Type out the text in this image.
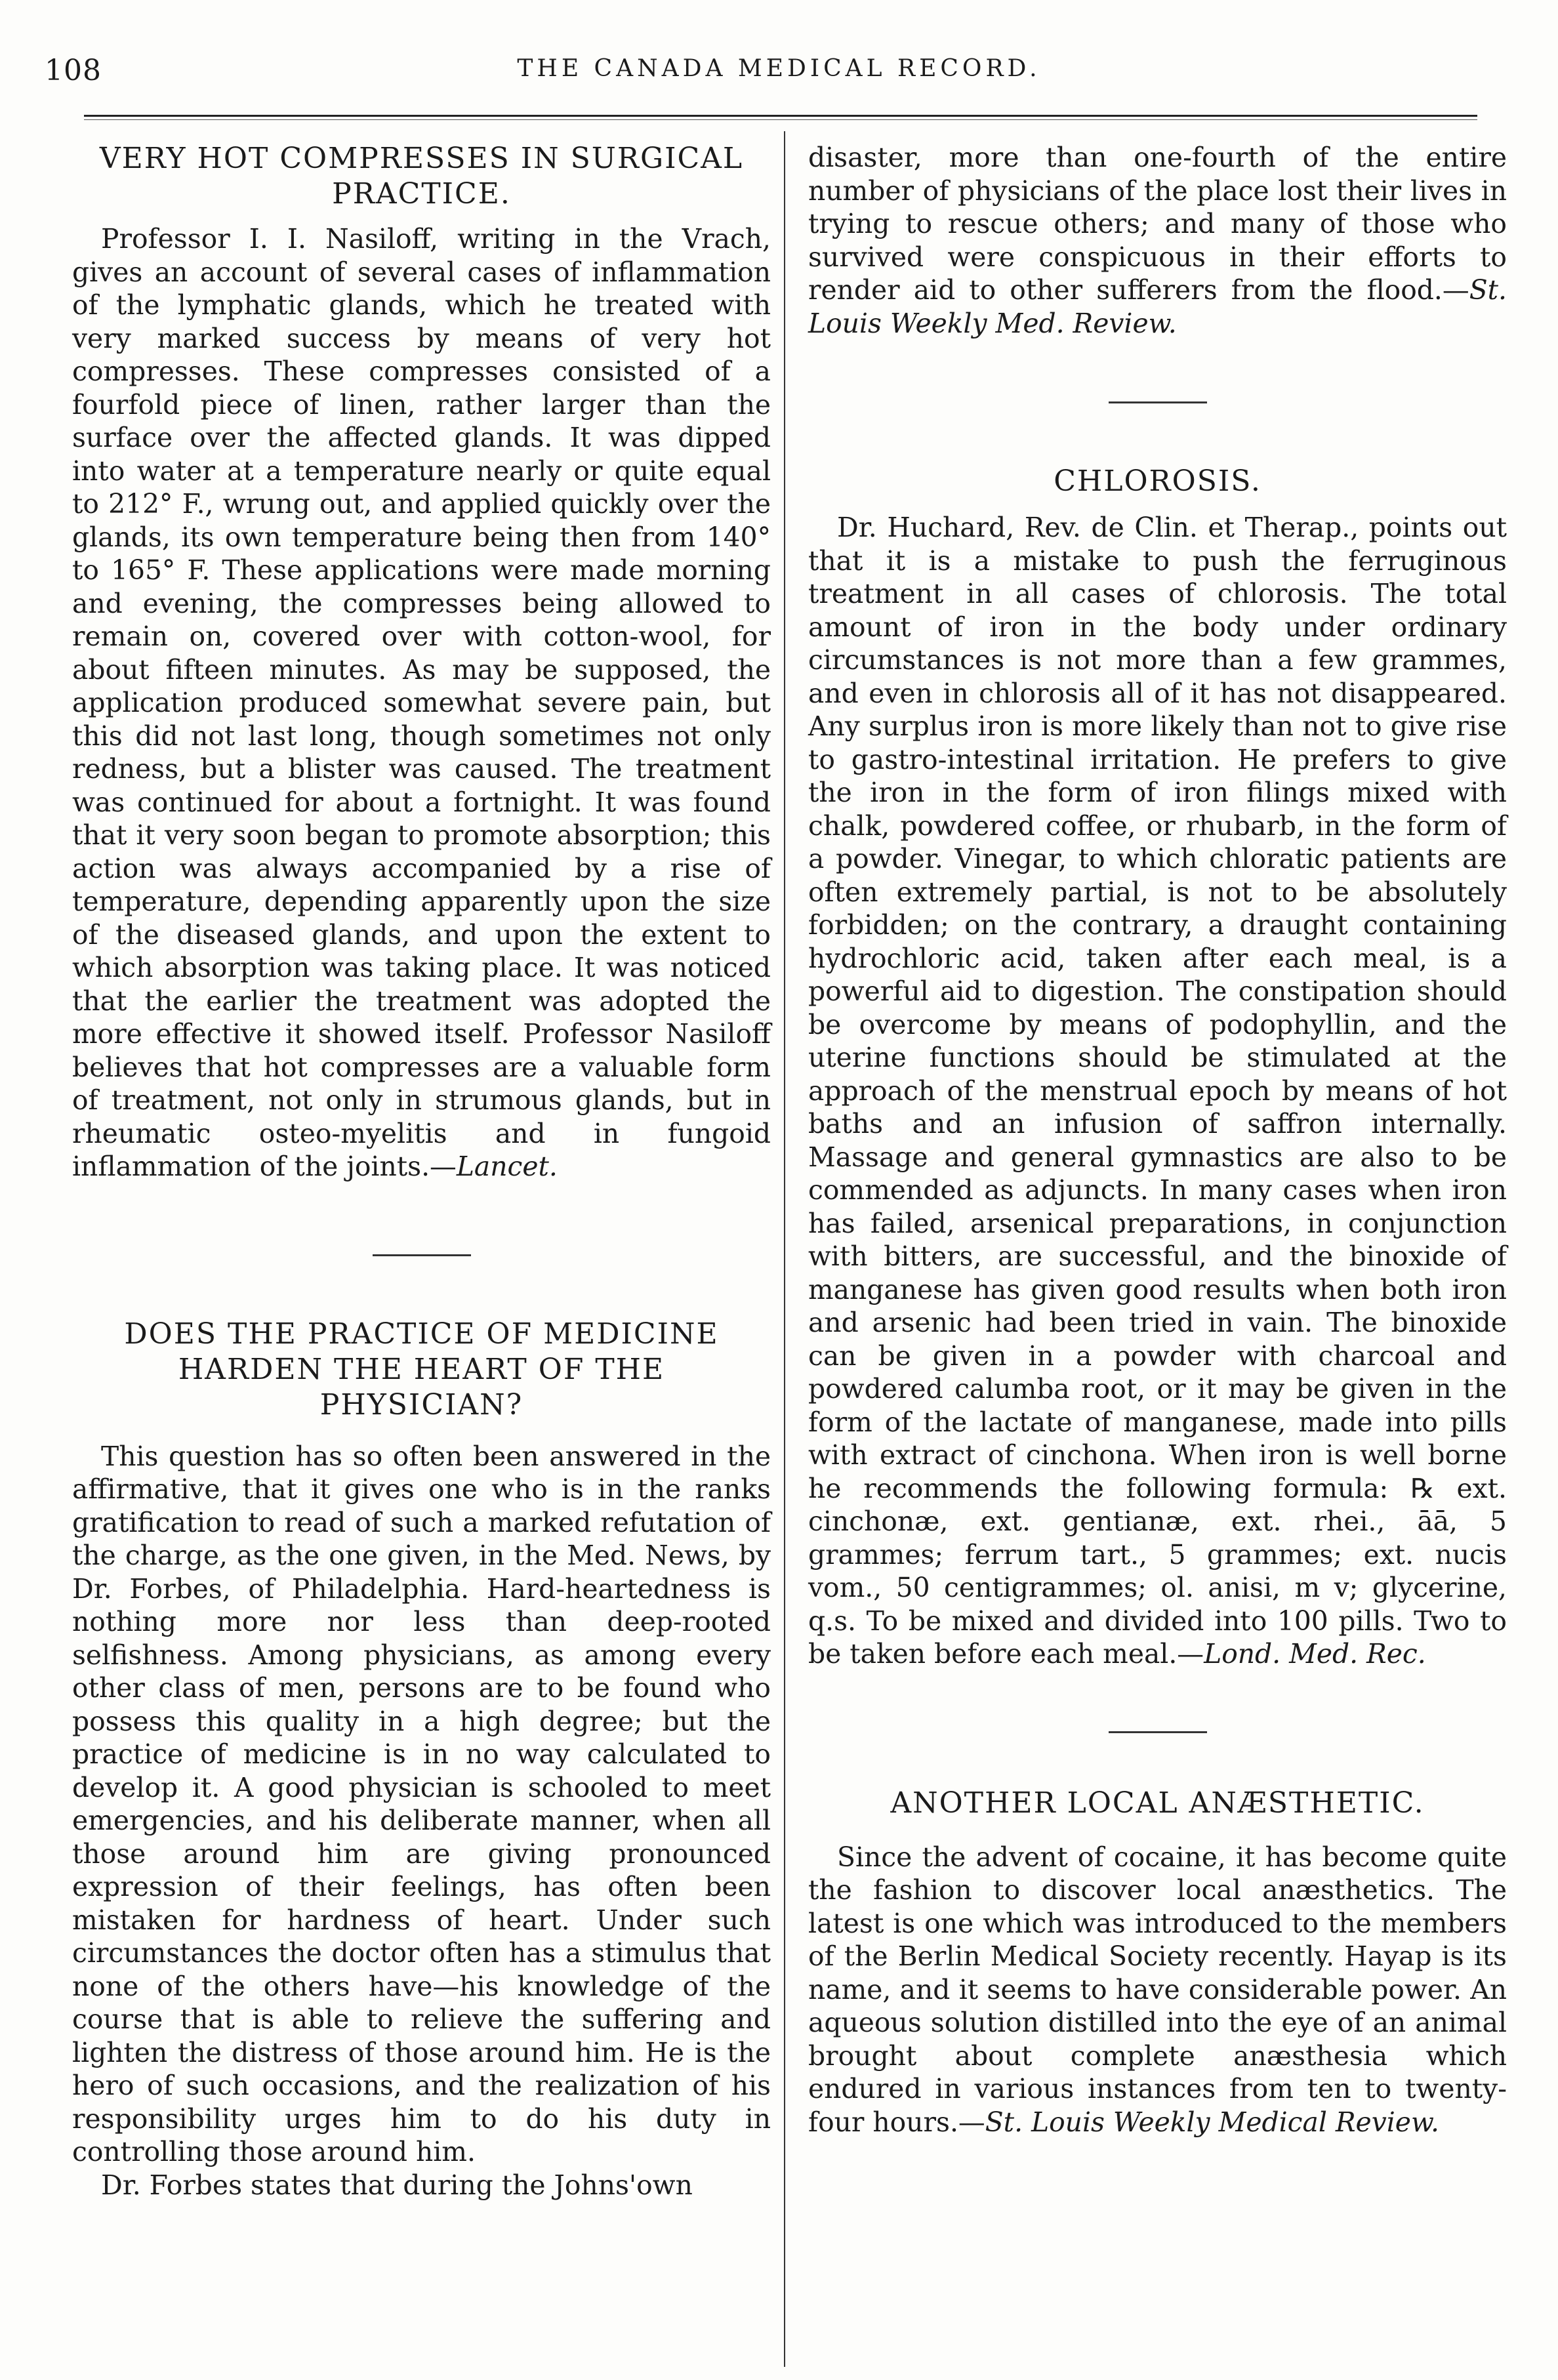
108	THE CANADA MEDICAL RECORD.
VERY HOT COMPRESSES IN SURGICAL PRACTICE.

Professor I. I. Nasiloff, writing in the Vrach, gives an account of several cases of inflammation of the lymphatic glands, which he treated with very marked success by means of very hot compresses. These compresses consisted of a fourfold piece of linen, rather larger than the surface over the affected glands. It was dipped into water at a temperature nearly or quite equal to 212° F., wrung out, and applied quickly over the glands, its own temperature being then from 140° to 165° F. These applications were made morning and evening, the compresses being allowed to remain on, covered over with cotton-wool, for about fifteen minutes. As may be supposed, the application produced somewhat severe pain, but this did not last long, though sometimes not only redness, but a blister was caused. The treatment was continued for about a fortnight. It was found that it very soon began to promote absorption; this action was always accompanied by a rise of temperature, depending apparently upon the size of the diseased glands, and upon the extent to which absorption was taking place. It was noticed that the earlier the treatment was adopted the more effective it showed itself. Professor Nasiloff believes that hot compresses are a valuable form of treatment, not only in strumous glands, but in rheumatic osteo-myelitis and in fungoid inflammation of the joints.—Lancet.

DOES THE PRACTICE OF MEDICINE HARDEN THE HEART OF THE PHYSICIAN?

This question has so often been answered in the affirmative, that it gives one who is in the ranks gratification to read of such a marked refutation of the charge, as the one given, in the Med. News, by Dr. Forbes, of Philadelphia. Hard-heartedness is nothing more nor less than deep-rooted selfishness. Among physicians, as among every other class of men, persons are to be found who possess this quality in a high degree; but the practice of medicine is in no way calculated to develop it. A good physician is schooled to meet emergencies, and his deliberate manner, when all those around him are giving pronounced expression of their feelings, has often been mistaken for hardness of heart. Under such circumstances the doctor often has a stimulus that none of the others have—his knowledge of the course that is able to relieve the suffering and lighten the distress of those around him. He is the hero of such occasions, and the realization of his responsibility urges him to do his duty in controlling those around him.

Dr. Forbes states that during the Johns'own

disaster, more than one-fourth of the entire number of physicians of the place lost their lives in trying to rescue others; and many of those who survived were conspicuous in their efforts to render aid to other sufferers from the flood.—St. Louis Weekly Med. Review.

CHLOROSIS.

Dr. Huchard, Rev. de Clin. et Therap., points out that it is a mistake to push the ferruginous treatment in all cases of chlorosis. The total amount of iron in the body under ordinary circumstances is not more than a few grammes, and even in chlorosis all of it has not disappeared. Any surplus iron is more likely than not to give rise to gastro-intestinal irritation. He prefers to give the iron in the form of iron filings mixed with chalk, powdered coffee, or rhubarb, in the form of a powder. Vinegar, to which chloratic patients are often extremely partial, is not to be absolutely forbidden; on the contrary, a draught containing hydrochloric acid, taken after each meal, is a powerful aid to digestion. The constipation should be overcome by means of podophyllin, and the uterine functions should be stimulated at the approach of the menstrual epoch by means of hot baths and an infusion of saffron internally. Massage and general gymnastics are also to be commended as adjuncts. In many cases when iron has failed, arsenical preparations, in conjunction with bitters, are successful, and the binoxide of manganese has given good results when both iron and arsenic had been tried in vain. The binoxide can be given in a powder with charcoal and powdered calumba root, or it may be given in the form of the lactate of manganese, made into pills with extract of cinchona. When iron is well borne he recommends the following formula: ℞ ext. cinchonæ, ext. gentianæ, ext. rhei., āā, 5 grammes; ferrum tart., 5 grammes; ext. nucis vom., 50 centigrammes; ol. anisi, m v; glycerine, q.s. To be mixed and divided into 100 pills. Two to be taken before each meal.—Lond. Med. Rec.

ANOTHER LOCAL ANÆSTHETIC.

Since the advent of cocaine, it has become quite the fashion to discover local anæsthetics. The latest is one which was introduced to the members of the Berlin Medical Society recently. Hayap is its name, and it seems to have considerable power. An aqueous solution distilled into the eye of an animal brought about complete anæsthesia which endured in various instances from ten to twenty-four hours.—St. Louis Weekly Medical Review.
